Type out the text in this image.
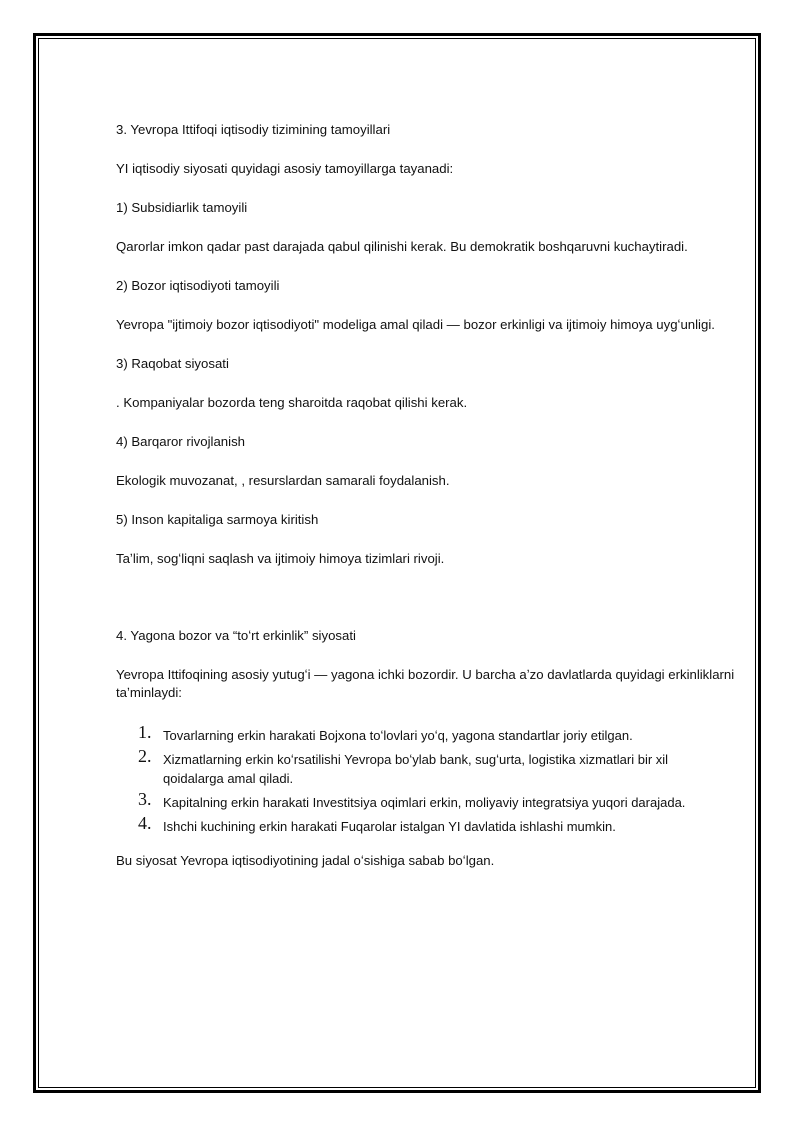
3. Yevropa Ittifoqi iqtisodiy tizimining tamoyillari

YI iqtisodiy siyosati quyidagi asosiy tamoyillarga tayanadi:

1) Subsidiarlik tamoyili

Qarorlar imkon qadar past darajada qabul qilinishi kerak. Bu demokratik boshqaruvni kuchaytiradi.

2) Bozor iqtisodiyoti tamoyili

Yevropa "ijtimoiy bozor iqtisodiyoti" modeliga amal qiladi — bozor erkinligi va ijtimoiy himoya uygʻunligi.

3) Raqobat siyosati

. Kompaniyalar bozorda teng sharoitda raqobat qilishi kerak.

4) Barqaror rivojlanish

Ekologik muvozanat, , resurslardan samarali foydalanish.

5) Inson kapitaliga sarmoya kiritish

Taʼlim, sogʻliqni saqlash va ijtimoiy himoya tizimlari rivoji.

4. Yagona bozor va “toʻrt erkinlik” siyosati

Yevropa Ittifoqining asosiy yutugʻi — yagona ichki bozordir. U barcha aʼzo davlatlarda quyidagi erkinliklarni taʼminlaydi:

1. Tovarlarning erkin harakati Bojxona toʻlovlari yoʻq, yagona standartlar joriy etilgan.
2. Xizmatlarning erkin koʻrsatilishi Yevropa boʻylab bank, sugʻurta, logistika xizmatlari bir xil qoidalarga amal qiladi.
3. Kapitalning erkin harakati Investitsiya oqimlari erkin, moliyaviy integratsiya yuqori darajada.
4. Ishchi kuchining erkin harakati Fuqarolar istalgan YI davlatida ishlashi mumkin.

Bu siyosat Yevropa iqtisodiyotining jadal oʻsishiga sabab boʻlgan.
